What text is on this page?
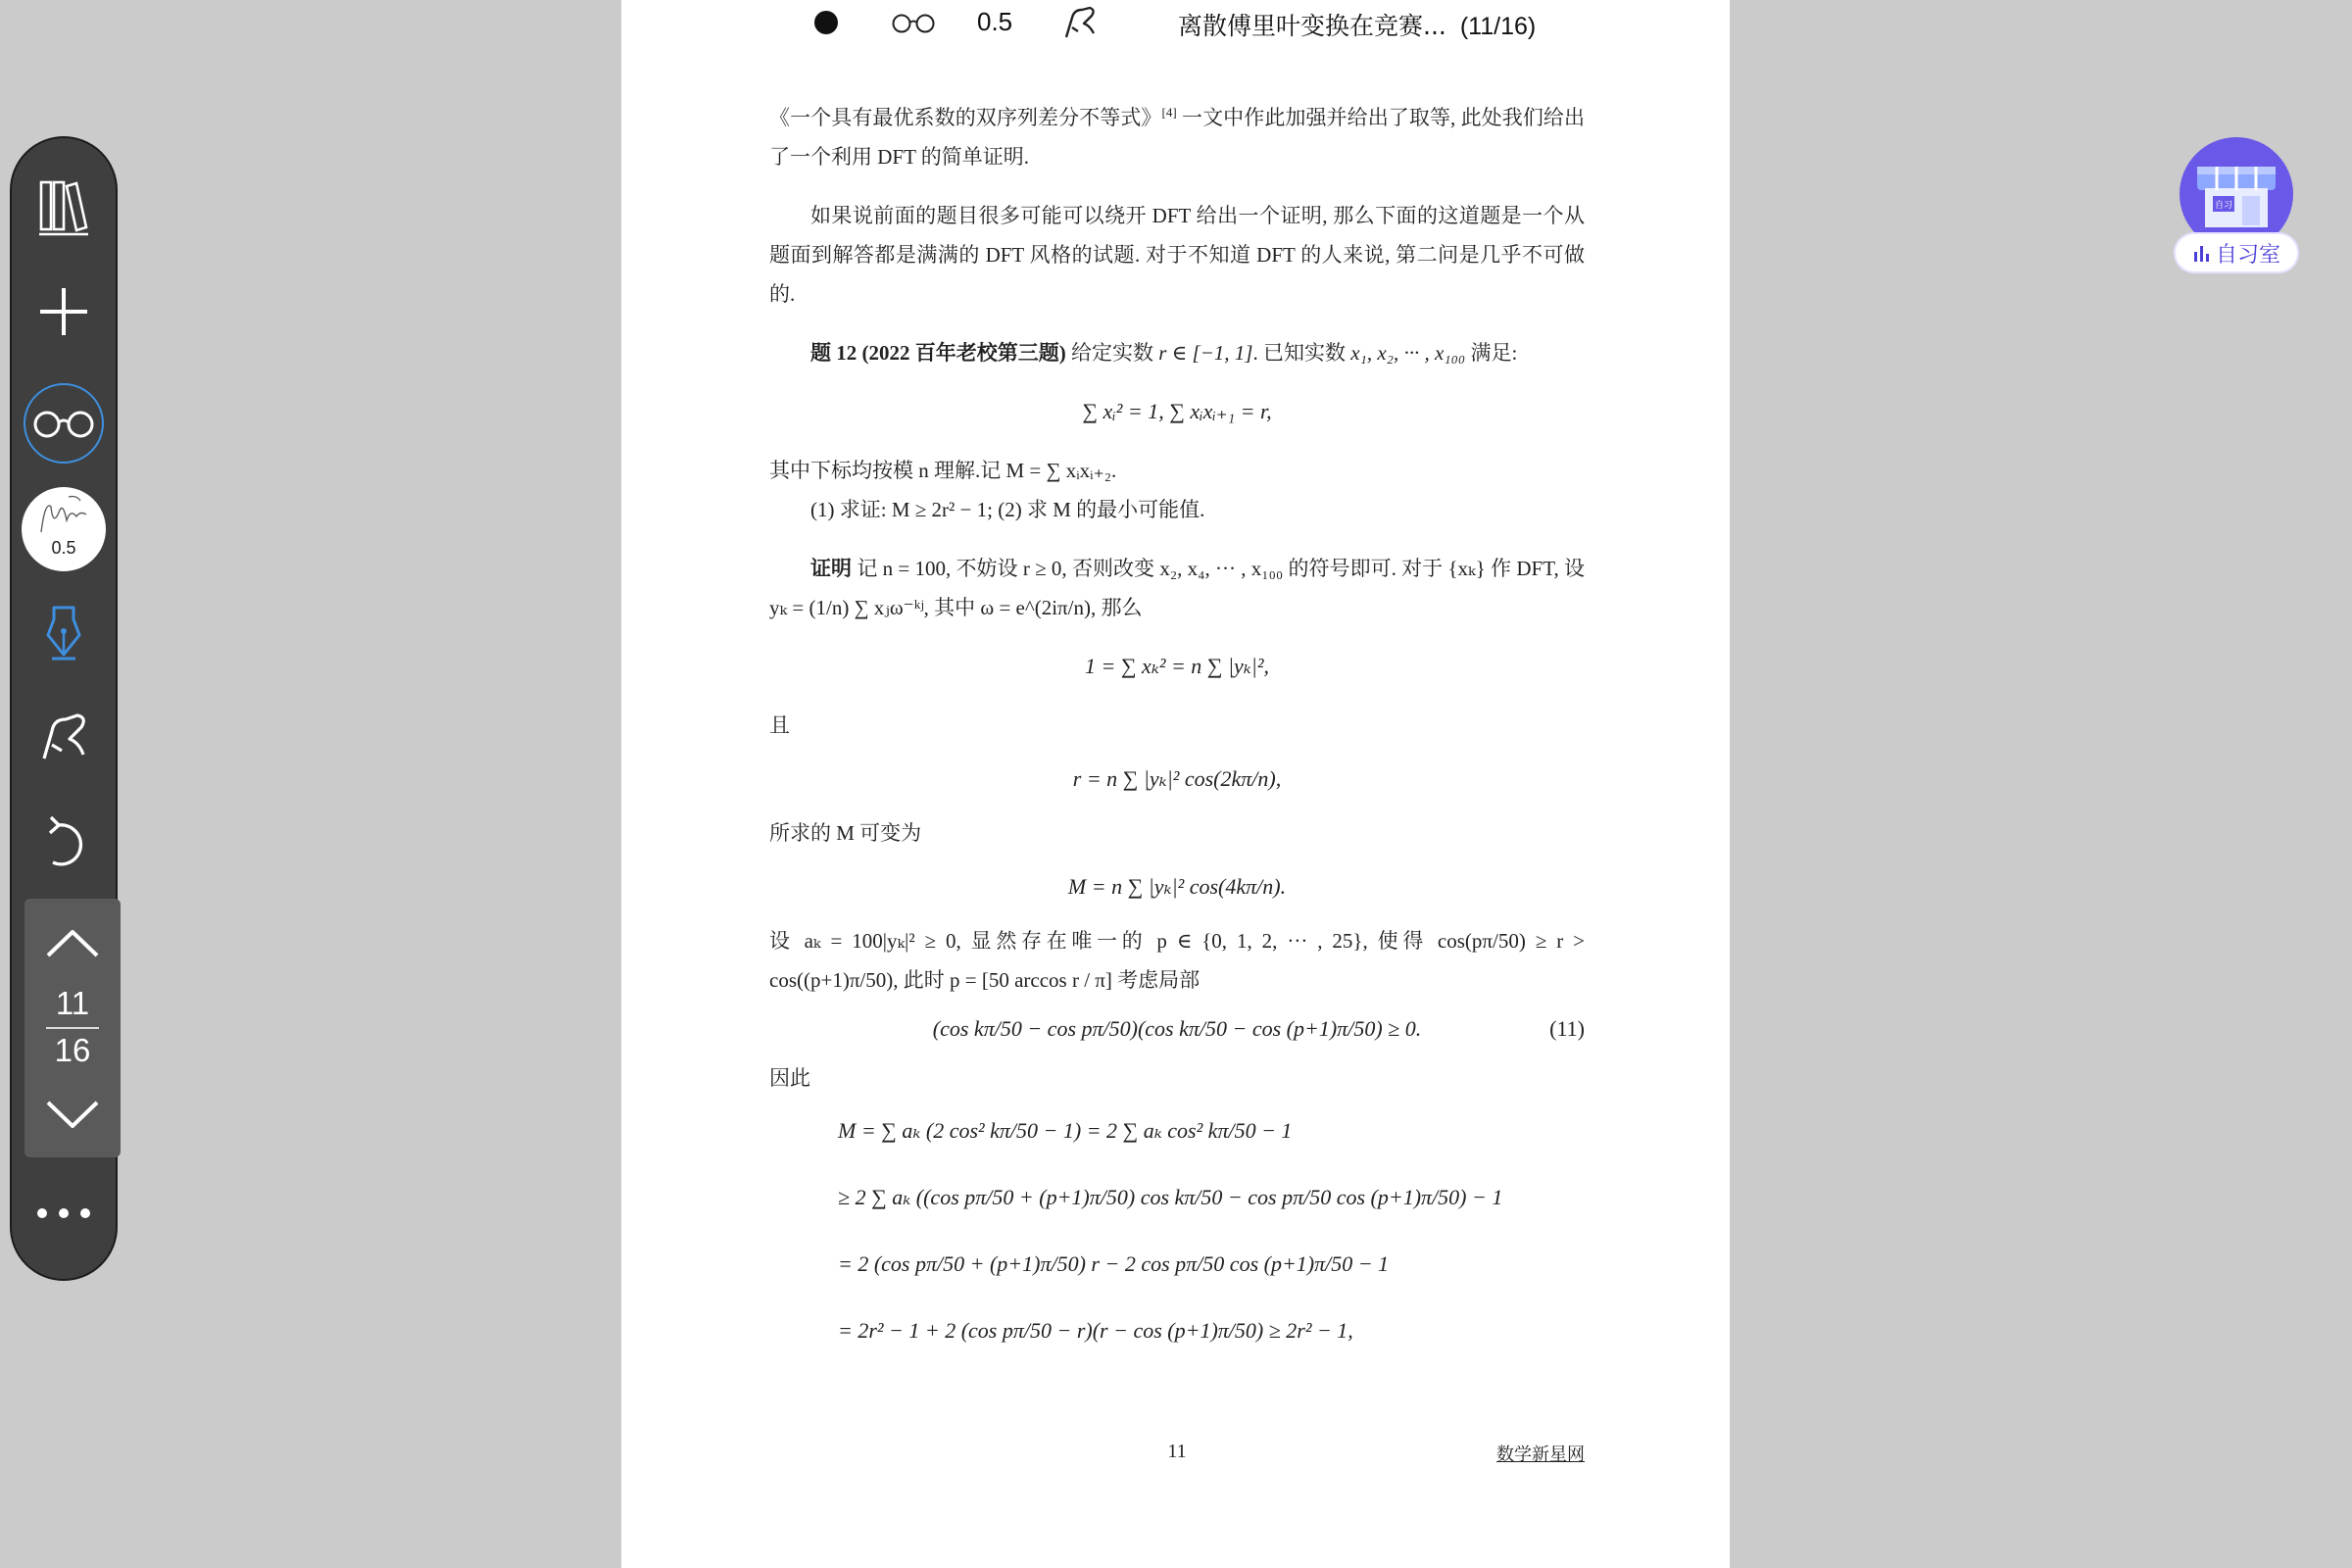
0.5	离散傅里叶变换在竞赛... (11/16)

《一个具有最优系数的双序列差分不等式》[4] 一文中作此加强并给出了取等, 此处我们给出了一个利用 DFT 的简单证明.

如果说前面的题目很多可能可以绕开 DFT 给出一个证明, 那么下面的这道题是一个从题面到解答都是满满的 DFT 风格的试题. 对于不知道 DFT 的人来说, 第二问是几乎不可做的.

题 12 (2022 百年老校第三题) 给定实数 r ∈ [−1, 1]. 已知实数 x₁, x₂, ··· , x₁₀₀ 满足:

∑ xᵢ² = 1, ∑ xᵢxᵢ₊₁ = r,

其中下标均按模 n 理解.记 M = ∑ xᵢxᵢ₊₂.

(1) 求证: M ≥ 2r² − 1; (2) 求 M 的最小可能值.

证明 记 n = 100, 不妨设 r ≥ 0, 否则改变 x₂, x₄, ··· , x₁₀₀ 的符号即可. 对于 {xₖ} 作 DFT, 设 yₖ = (1/n) ∑ xⱼω⁻ᵏʲ, 其中 ω = e^(2iπ/n), 那么

1 = ∑ xₖ² = n ∑ |yₖ|²,

且

r = n ∑ |yₖ|² cos(2kπ/n),

所求的 M 可变为

M = n ∑ |yₖ|² cos(4kπ/n).

设 aₖ = 100|yₖ|² ≥ 0, 显然存在唯一的 p ∈ {0, 1, 2, ··· , 25}, 使得 cos(pπ/50) ≥ r > cos((p+1)π/50), 此时 p = [50 arccos r / π] 考虑局部

(cos kπ/50 − cos pπ/50)(cos kπ/50 − cos (p+1)π/50) ≥ 0.	(11)

因此

M = ∑ aₖ (2 cos² kπ/50 − 1) = 2 ∑ aₖ cos² kπ/50 − 1
≥ 2 ∑ aₖ ((cos pπ/50 + (p+1)π/50) cos kπ/50 − cos pπ/50 cos (p+1)π/50) − 1
= 2 (cos pπ/50 + (p+1)π/50) r − 2 cos pπ/50 cos (p+1)π/50 − 1
= 2r² − 1 + 2 (cos pπ/50 − r)(r − cos (p+1)π/50) ≥ 2r² − 1,
11	数学新星网
0.5
11
16
自习
自习室
